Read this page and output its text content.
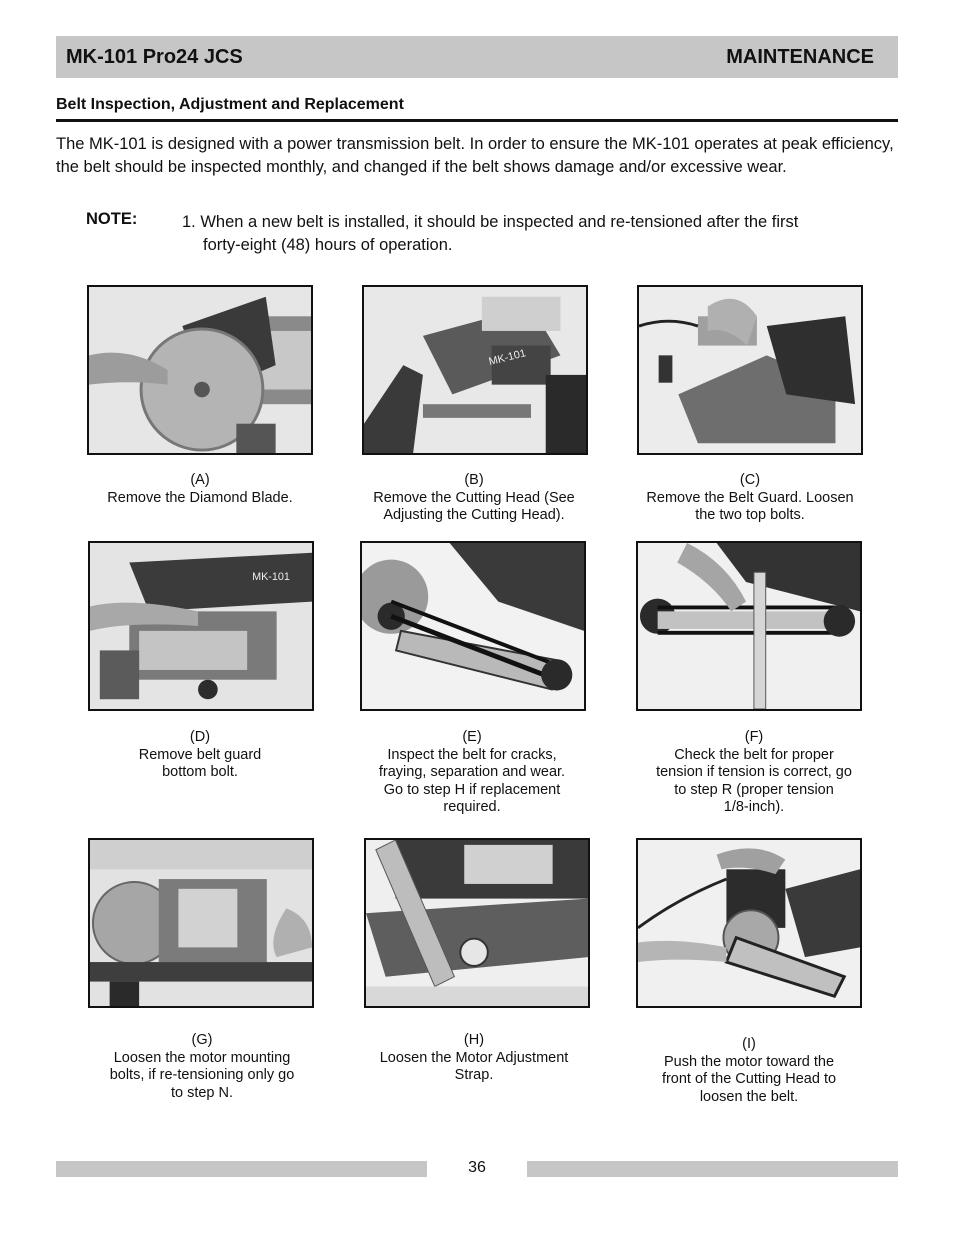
MK-101 Pro24 JCS	MAINTENANCE
Belt Inspection, Adjustment and Replacement

The MK-101 is designed with a power transmission belt. In order to ensure the MK-101 operates at peak efficiency, the belt should be inspected monthly, and changed if the belt shows damage and/or excessive wear.

NOTE:	1. When a new belt is installed, it should be inspected and re-tensioned after the first
forty-eight (48) hours of operation.
MK-101
(A)
Remove the Diamond Blade.
(B)
Remove the Cutting Head (See
Adjusting the Cutting Head).
(C)
Remove the Belt Guard. Loosen
the two top bolts.
MK-101
(D)
Remove belt guard
bottom bolt.
(E)
Inspect the belt for cracks,
fraying, separation and wear.
Go to step H if replacement
required.
(F)
Check the belt for proper
tension if tension is correct, go
to step R (proper tension
1/8-inch).
(G)
Loosen the motor mounting
bolts, if re-tensioning only go
to step N.
(H)
Loosen the Motor Adjustment
Strap.
(I)
Push the motor toward the
front of the Cutting Head to
loosen the belt.
36
